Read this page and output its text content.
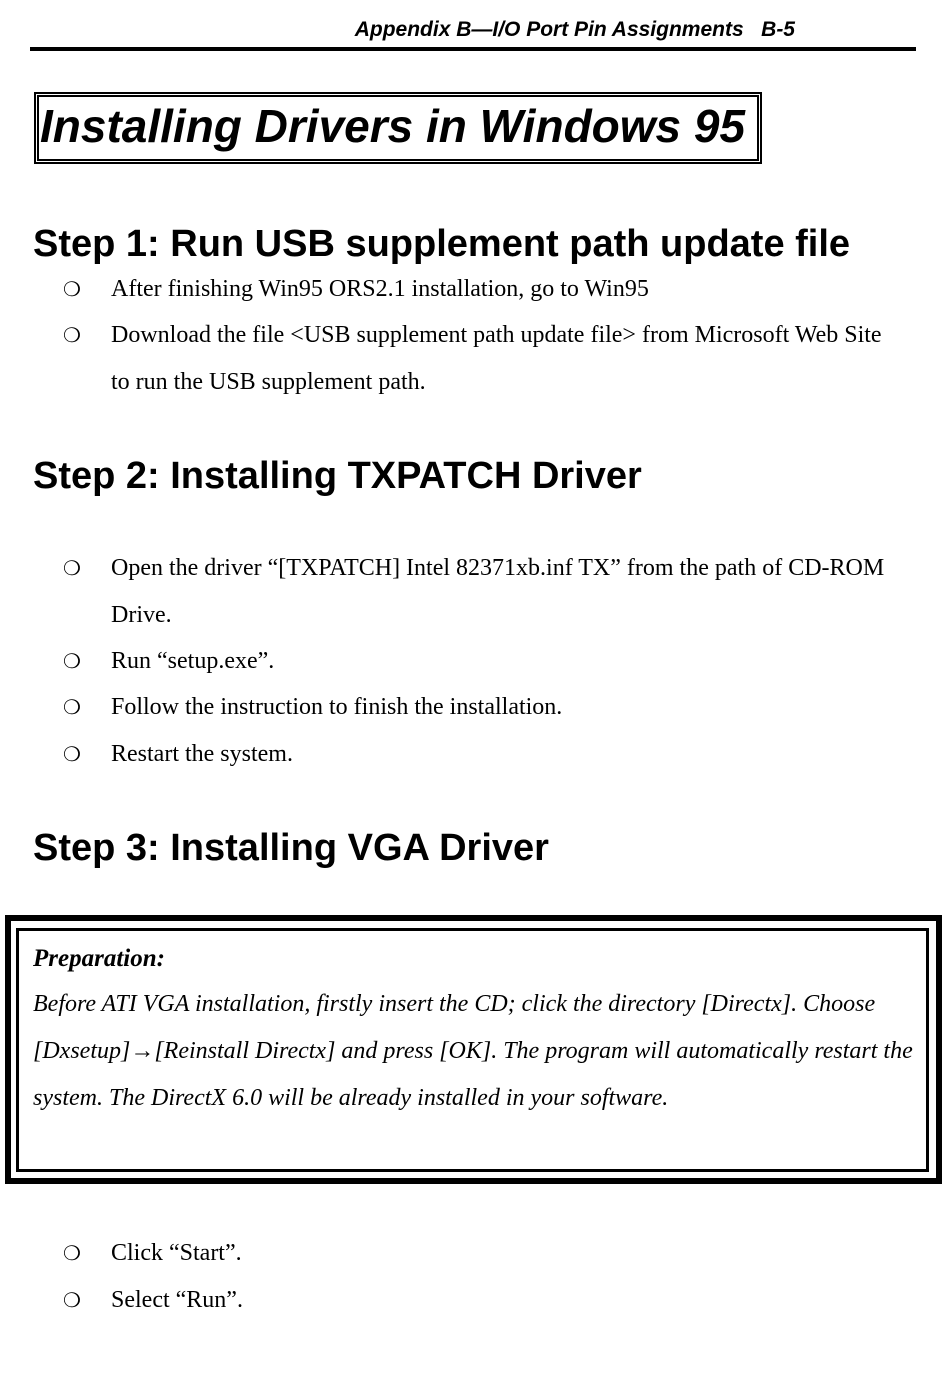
Appendix B—I/O Port Pin Assignments   B-5
Installing Drivers in Windows 95
Step 1: Run USB supplement path update file
❍	After finishing Win95 ORS2.1 installation, go to Win95
❍	Download the file <USB supplement path update file> from Microsoft Web Site to run the USB supplement path.
Step 2: Installing TXPATCH Driver
❍	Open the driver “[TXPATCH] Intel 82371xb.inf TX” from the path of CD-ROM Drive.
❍	Run “setup.exe”.
❍	Follow the instruction to finish the installation.
❍	Restart the system.
Step 3: Installing VGA Driver
Preparation:
Before ATI VGA installation, firstly insert the CD; click the directory [Directx]. Choose [Dxsetup]→[Reinstall Directx] and press [OK]. The program will automatically restart the system. The DirectX 6.0 will be already installed in your software.
❍	Click “Start”.
❍	Select “Run”.
